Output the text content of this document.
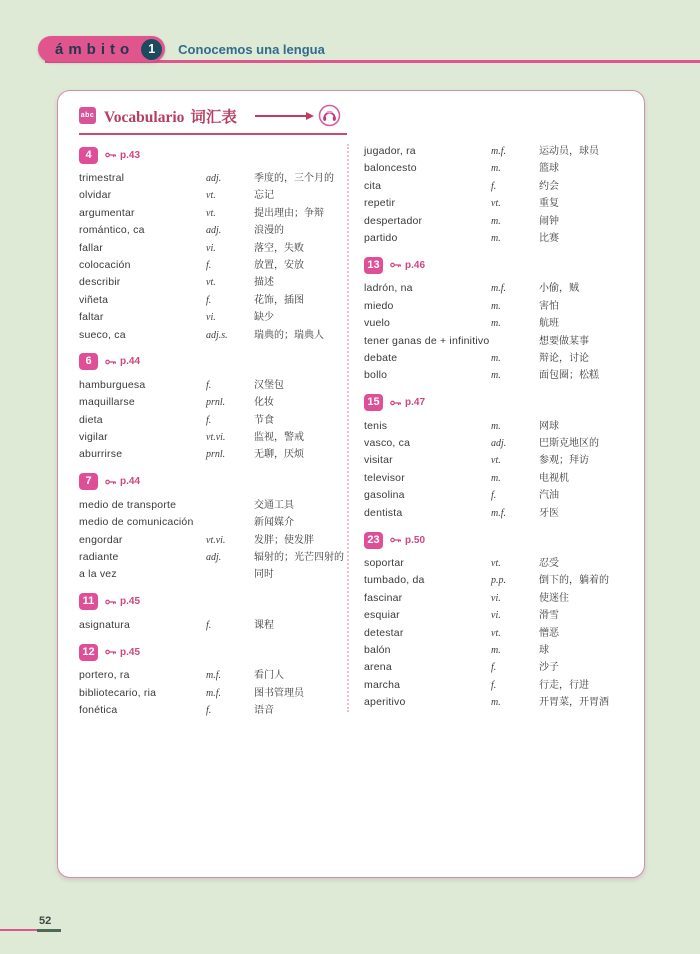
ámbito	1	Conocemos una lengua
abc Vocabulario 词汇表
4	p.43
trimestral	adj.	季度的，三个月的
olvidar	vt.	忘记
argumentar	vt.	提出理由；争辩
romántico, ca	adj.	浪漫的
fallar	vi.	落空，失败
colocación	f.	放置，安放
describir	vt.	描述
viñeta	f.	花饰，插图
faltar	vi.	缺少
sueco, ca	adj.s.	瑞典的；瑞典人
6	p.44
hamburguesa	f.	汉堡包
maquillarse	prnl.	化妆
dieta	f.	节食
vigilar	vt.vi.	监视，警戒
aburrirse	prnl.	无聊，厌烦
7	p.44
medio de transporte	交通工具
medio de comunicación	新闻媒介
engordar	vt.vi.	发胖；使发胖
radiante	adj.	辐射的；光芒四射的
a la vez	同时
11	p.45
asignatura	f.	课程
12	p.45
portero, ra	m.f.	看门人
bibliotecario, ria	m.f.	图书管理员
fonética	f.	语音
jugador, ra	m.f.	运动员，球员
baloncesto	m.	篮球
cita	f.	约会
repetir	vt.	重复
despertador	m.	闹钟
partido	m.	比赛
13	p.46
ladrón, na	m.f.	小偷，贼
miedo	m.	害怕
vuelo	m.	航班
tener ganas de + infinitivo	想要做某事
debate	m.	辩论，讨论
bollo	m.	面包圈；松糕
15	p.47
tenis	m.	网球
vasco, ca	adj.	巴斯克地区的
visitar	vt.	参观；拜访
televisor	m.	电视机
gasolina	f.	汽油
dentista	m.f.	牙医
23	p.50
soportar	vt.	忍受
tumbado, da	p.p.	倒下的，躺着的
fascinar	vi.	使迷住
esquiar	vi.	滑雪
detestar	vt.	憎恶
balón	m.	球
arena	f.	沙子
marcha	f.	行走，行进
aperitivo	m.	开胃菜，开胃酒
52
